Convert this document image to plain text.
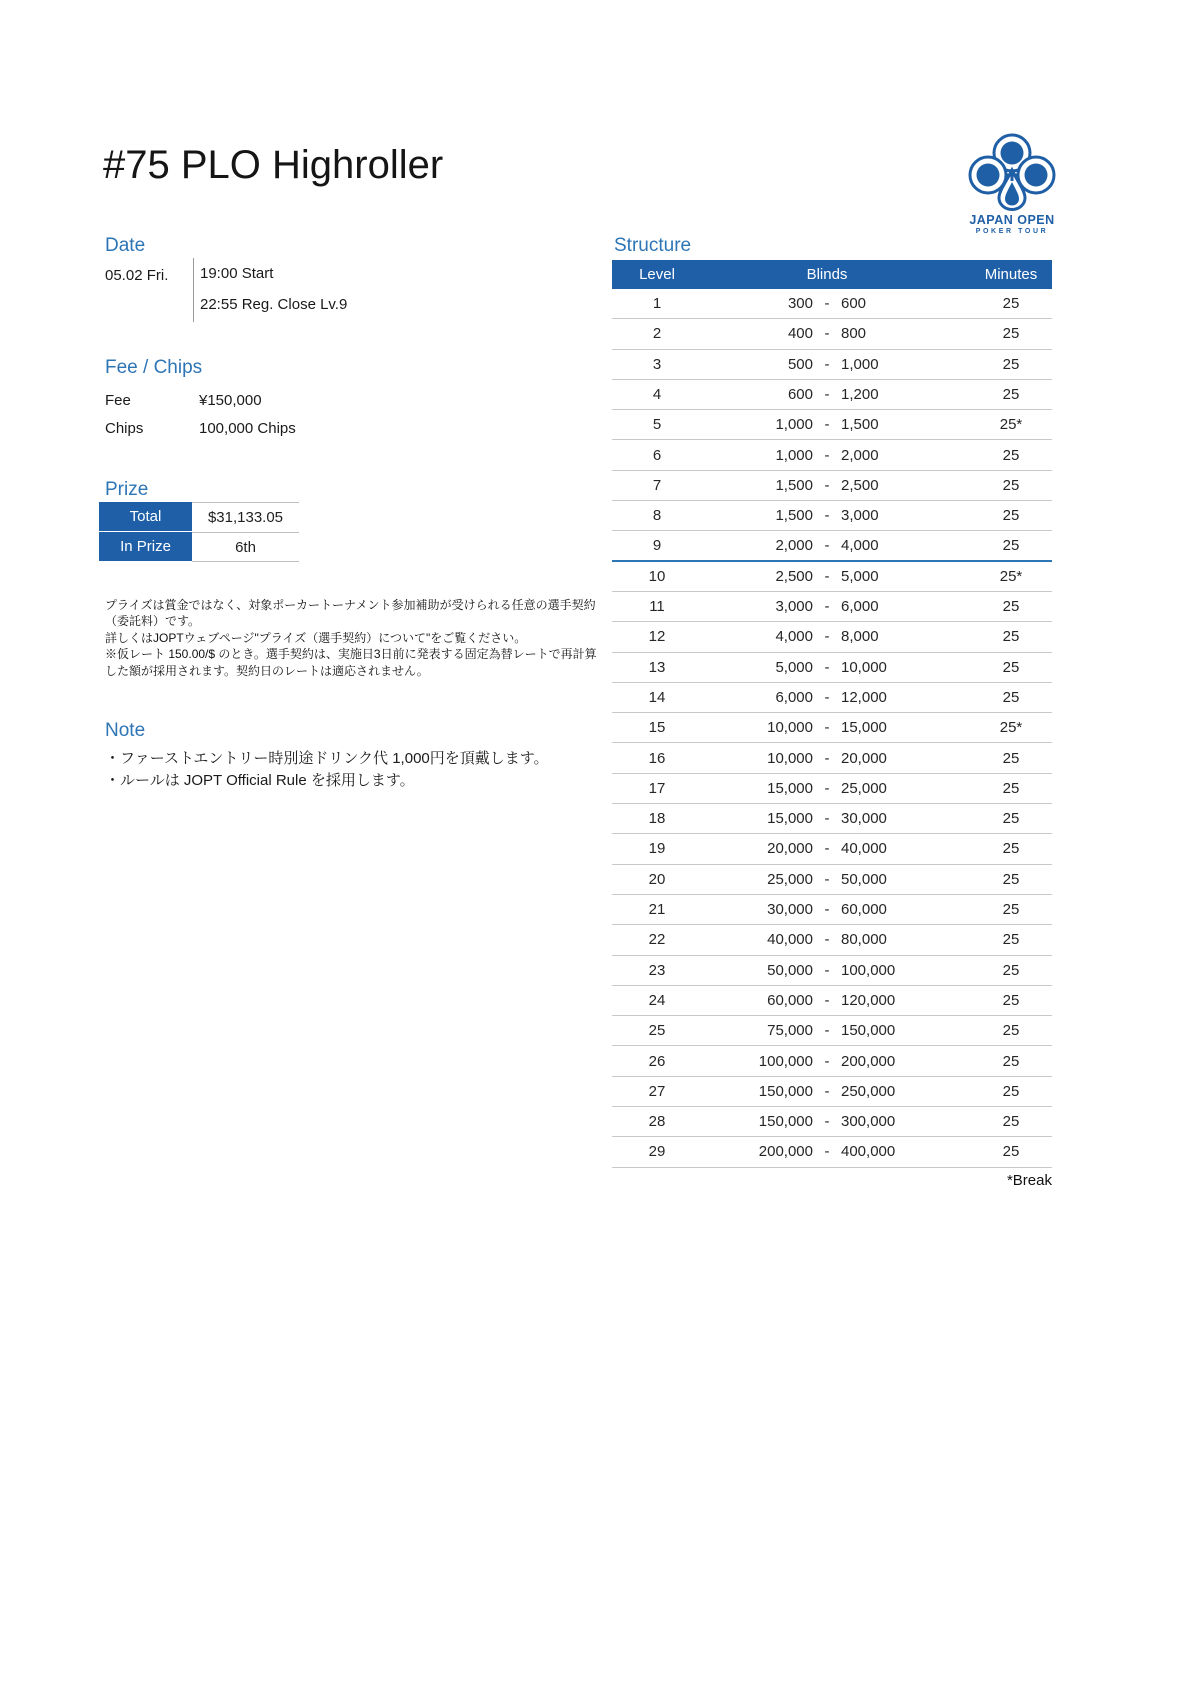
#75 PLO Highroller
JAPAN OPEN
POKER TOUR
Date
05.02 Fri. 19:00 Start
22:55 Reg. Close Lv.9
Fee / Chips
Fee	¥150,000
Chips	100,000 Chips
Prize
Total	$31,133.05
In Prize	6th

プライズは賞金ではなく、対象ポーカートーナメント参加補助が受けられる任意の選手契約（委託料）です。

詳しくはJOPTウェブページ"プライズ（選手契約）について"をご覧ください。

※仮レート 150.00/$ のとき。選手契約は、実施日3日前に発表する固定為替レートで再計算した額が採用されます。契約日のレートは適応されません。

Note
・ファーストエントリー時別途ドリンク代 1,000円を頂戴します。
・ルールは JOPT Official Rule を採用します。
Structure
Level	Blinds	Minutes
1	300 - 600	25
2	400 - 800	25
3	500 - 1,000	25
4	600 - 1,200	25
5	1,000 - 1,500	25*
6	1,000 - 2,000	25
7	1,500 - 2,500	25
8	1,500 - 3,000	25
9	2,000 - 4,000	25
10	2,500 - 5,000	25*
11	3,000 - 6,000	25
12	4,000 - 8,000	25
13	5,000 - 10,000	25
14	6,000 - 12,000	25
15	10,000 - 15,000	25*
16	10,000 - 20,000	25
17	15,000 - 25,000	25
18	15,000 - 30,000	25
19	20,000 - 40,000	25
20	25,000 - 50,000	25
21	30,000 - 60,000	25
22	40,000 - 80,000	25
23	50,000 - 100,000	25
24	60,000 - 120,000	25
25	75,000 - 150,000	25
26	100,000 - 200,000	25
27	150,000 - 250,000	25
28	150,000 - 300,000	25
29	200,000 - 400,000	25
*Break
